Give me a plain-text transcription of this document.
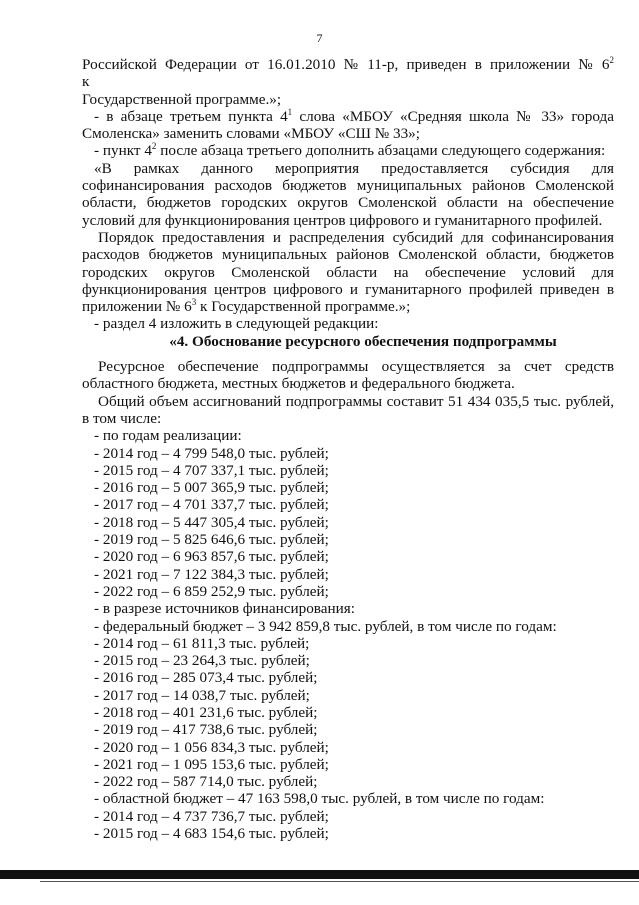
7

Российской Федерации от 16.01.2010 № 11-р, приведен в приложении № $6^2$ к

Государственной программе.»;

- в абзаце третьем пункта $4^1$ слова «МБОУ «Средняя школа № 33» города Смоленска» заменить словами «МБОУ «СШ № 33»;

- пункт $4^2$ после абзаца третьего дополнить абзацами следующего содержания:

«В рамках данного мероприятия предоставляется субсидия для софинансирования расходов бюджетов муниципальных районов Смоленской области, бюджетов городских округов Смоленской области на обеспечение условий для функционирования центров цифрового и гуманитарного профилей.

Порядок предоставления и распределения субсидий для софинансирования расходов бюджетов муниципальных районов Смоленской области, бюджетов городских округов Смоленской области на обеспечение условий для функционирования центров цифрового и гуманитарного профилей приведен в приложении № $6^3$ к Государственной программе.»;

- раздел 4 изложить в следующей редакции:

«4. Обоснование ресурсного обеспечения подпрограммы

Ресурсное обеспечение подпрограммы осуществляется за счет средств областного бюджета, местных бюджетов и федерального бюджета.

Общий объем ассигнований подпрограммы составит 51 434 035,5 тыс. рублей, в том числе:

- по годам реализации:

- 2014 год – 4 799 548,0 тыс. рублей;

- 2015 год – 4 707 337,1 тыс. рублей;

- 2016 год – 5 007 365,9 тыс. рублей;

- 2017 год – 4 701 337,7 тыс. рублей;

- 2018 год – 5 447 305,4 тыс. рублей;

- 2019 год – 5 825 646,6 тыс. рублей;

- 2020 год – 6 963 857,6 тыс. рублей;

- 2021 год – 7 122 384,3 тыс. рублей;

- 2022 год – 6 859 252,9 тыс. рублей;

- в разрезе источников финансирования:

- федеральный бюджет – 3 942 859,8 тыс. рублей, в том числе по годам:

- 2014 год – 61 811,3 тыс. рублей;

- 2015 год – 23 264,3 тыс. рублей;

- 2016 год – 285 073,4 тыс. рублей;

- 2017 год – 14 038,7 тыс. рублей;

- 2018 год – 401 231,6 тыс. рублей;

- 2019 год – 417 738,6 тыс. рублей;

- 2020 год – 1 056 834,3 тыс. рублей;

- 2021 год – 1 095 153,6 тыс. рублей;

- 2022 год – 587 714,0 тыс. рублей;

- областной бюджет – 47 163 598,0 тыс. рублей, в том числе по годам:

- 2014 год – 4 737 736,7 тыс. рублей;

- 2015 год – 4 683 154,6 тыс. рублей;
